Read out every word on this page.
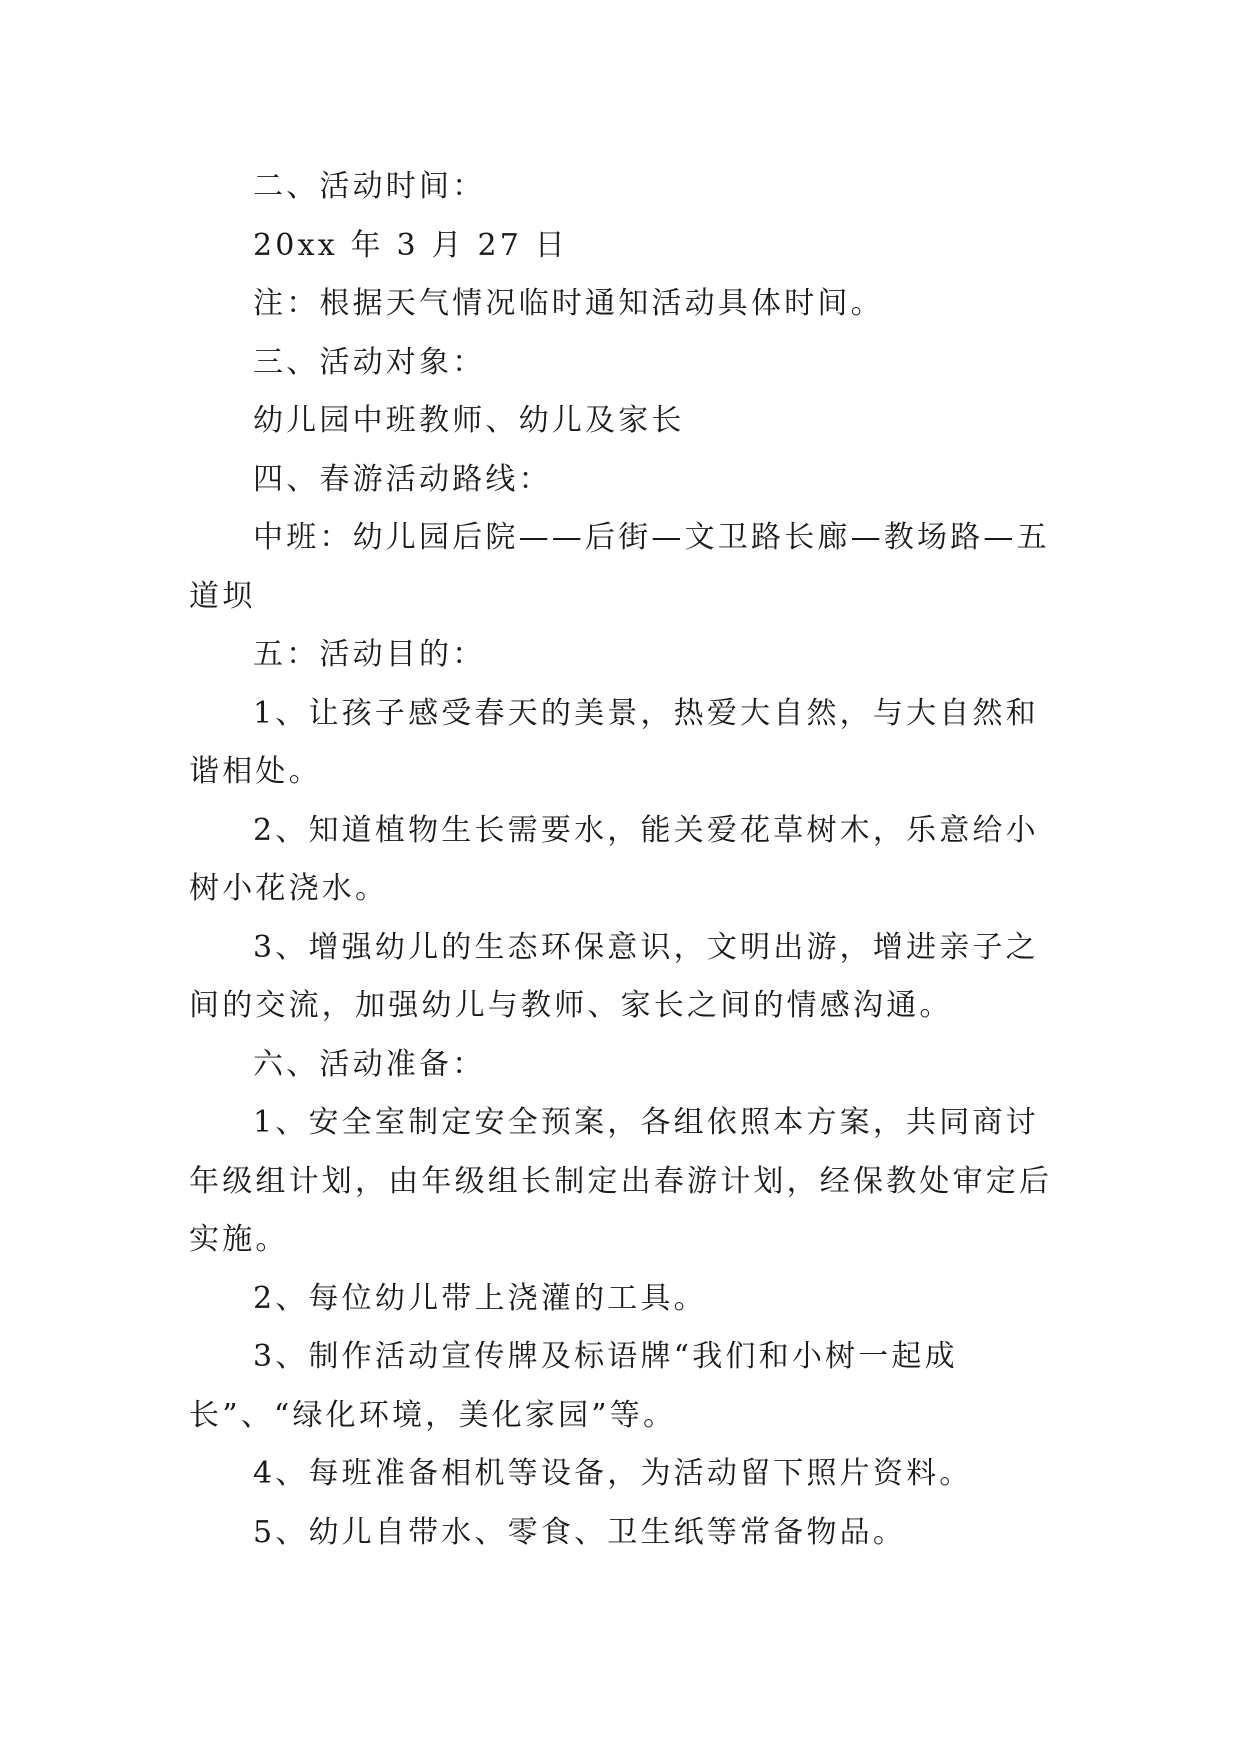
二、活动时间：

20xx 年 3 月 27 日

注：根据天气情况临时通知活动具体时间。

三、活动对象：

幼儿园中班教师、幼儿及家长

四、春游活动路线：

中班：幼儿园后院——后街—文卫路长廊—教场路—五道坝

五：活动目的：

1、让孩子感受春天的美景，热爱大自然，与大自然和谐相处。

2、知道植物生长需要水，能关爱花草树木，乐意给小树小花浇水。

3、增强幼儿的生态环保意识，文明出游，增进亲子之间的交流，加强幼儿与教师、家长之间的情感沟通。

六、活动准备：

1、安全室制定安全预案，各组依照本方案，共同商讨年级组计划，由年级组长制定出春游计划，经保教处审定后实施。

2、每位幼儿带上浇灌的工具。

3、制作活动宣传牌及标语牌“我们和小树一起成长”、“绿化环境，美化家园”等。

4、每班准备相机等设备，为活动留下照片资料。

5、幼儿自带水、零食、卫生纸等常备物品。
